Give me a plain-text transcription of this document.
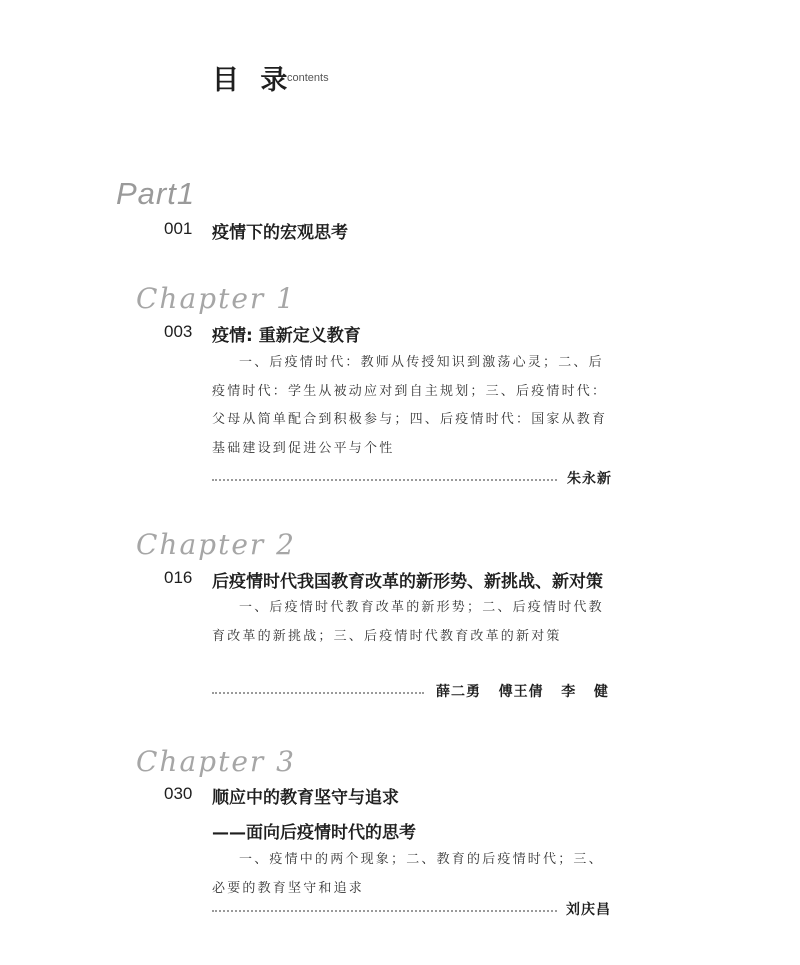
目 录
contents
Part1
001 疫情下的宏观思考
Chapter 1
003 疫情: 重新定义教育
一、后疫情时代：教师从传授知识到激荡心灵；二、后疫情时代：学生从被动应对到自主规划；三、后疫情时代：父母从简单配合到积极参与；四、后疫情时代：国家从教育基础建设到促进公平与个性
朱永新
Chapter 2
016 后疫情时代我国教育改革的新形势、新挑战、新对策
一、后疫情时代教育改革的新形势；二、后疫情时代教育改革的新挑战；三、后疫情时代教育改革的新对策
薛二勇   傅王倩   李   健
Chapter 3
030 顺应中的教育坚守与追求
——面向后疫情时代的思考
一、疫情中的两个现象；二、教育的后疫情时代；三、必要的教育坚守和追求
刘庆昌
